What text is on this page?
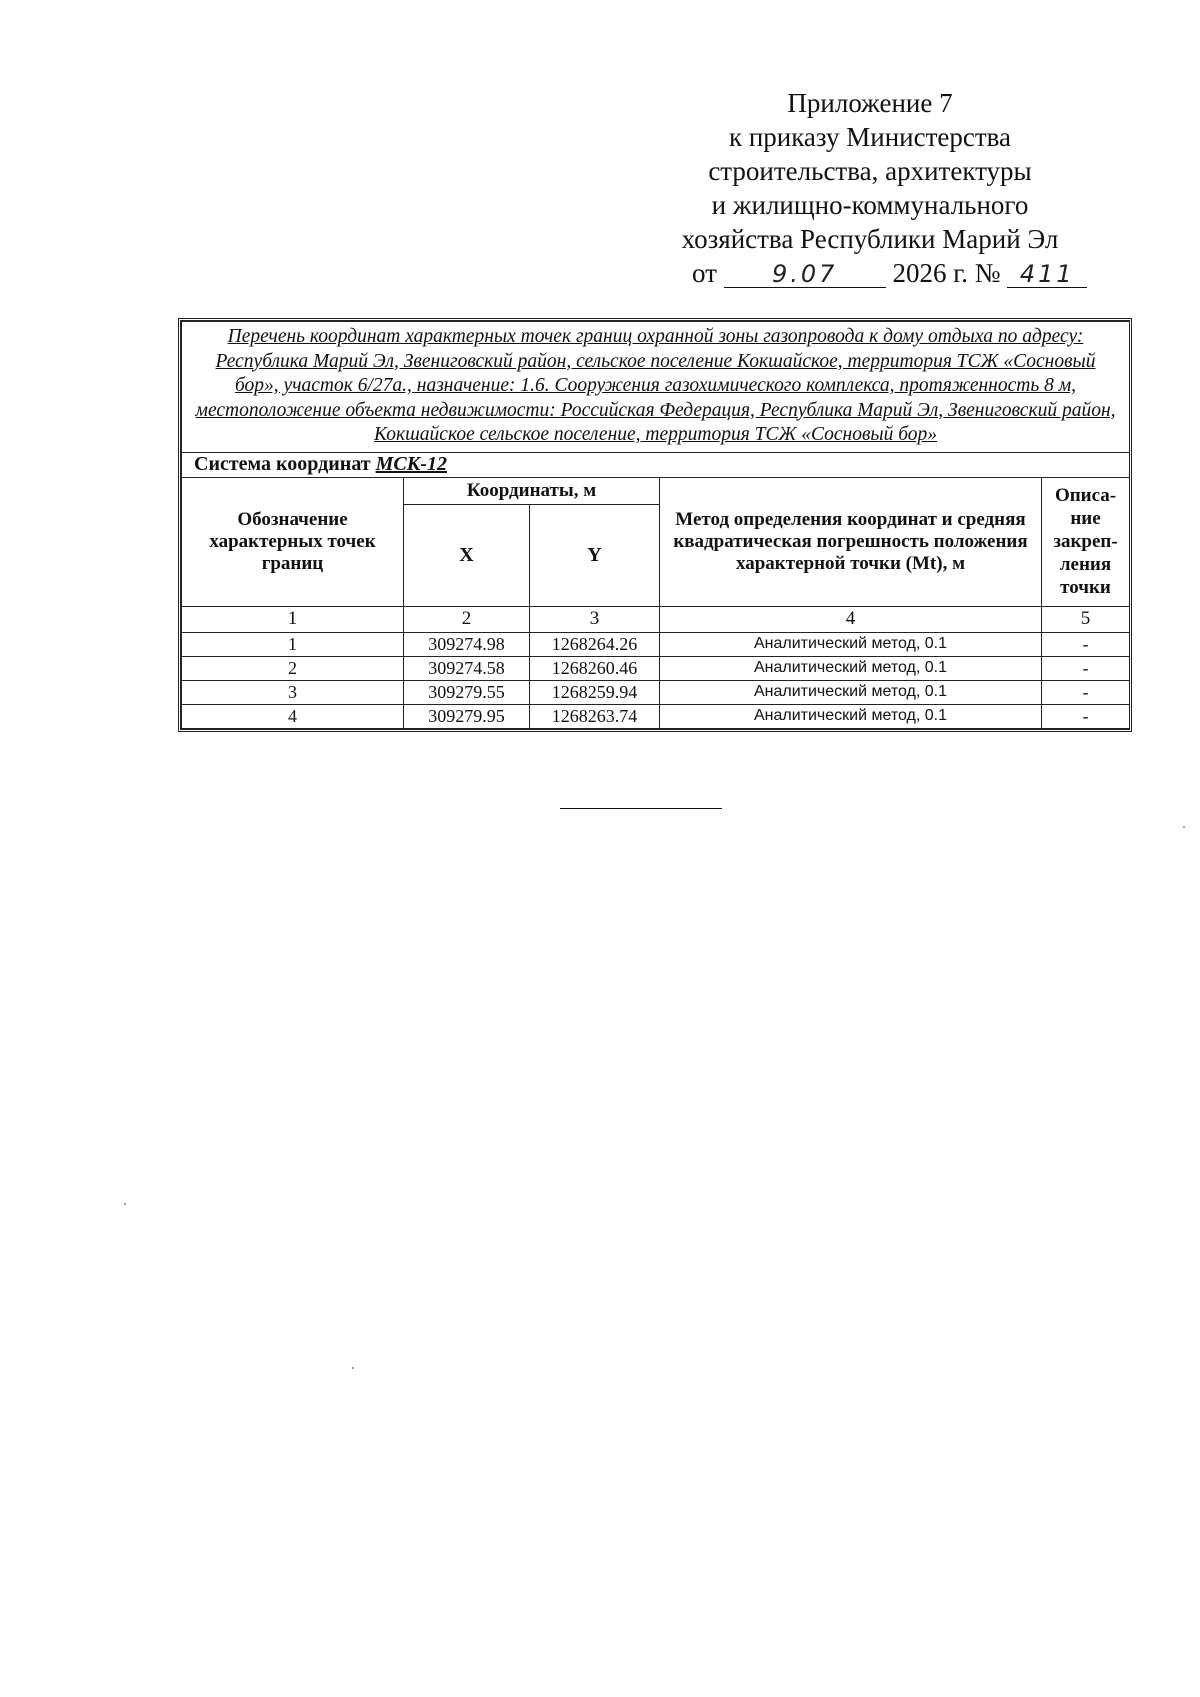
Приложение 7
к приказу Министерства
строительства, архитектуры
и жилищно-коммунального
хозяйства Республики Марий Эл
от 9.07 2026 г. № 411
Перечень координат характерных точек границ охранной зоны газопровода к дому отдыха по адресу: Республика Марий Эл, Звениговский район, сельское поселение Кокшайское, территория ТСЖ «Сосновый бор», участок 6/27а., назначение: 1.6. Сооружения газохимического комплекса, протяженность 8 м, местоположение объекта недвижимости: Российская Федерация, Республика Марий Эл, Звениговский район, Кокшайское сельское поселение, территория ТСЖ «Сосновый бор»				
Система координат МСК-12				
Обозначение характерных точек границ	Координаты, м		Метод определения координат и средняя квадратическая погрешность положения характерной точки (Mt), м	Описа-
ние
закреп-
ления
точки
	X	Y		
1	2	3	4	5
1	309274.98	1268264.26	Аналитический метод, 0.1	-
2	309274.58	1268260.46	Аналитический метод, 0.1	-
3	309279.55	1268259.94	Аналитический метод, 0.1	-
4	309279.95	1268263.74	Аналитический метод, 0.1	-
